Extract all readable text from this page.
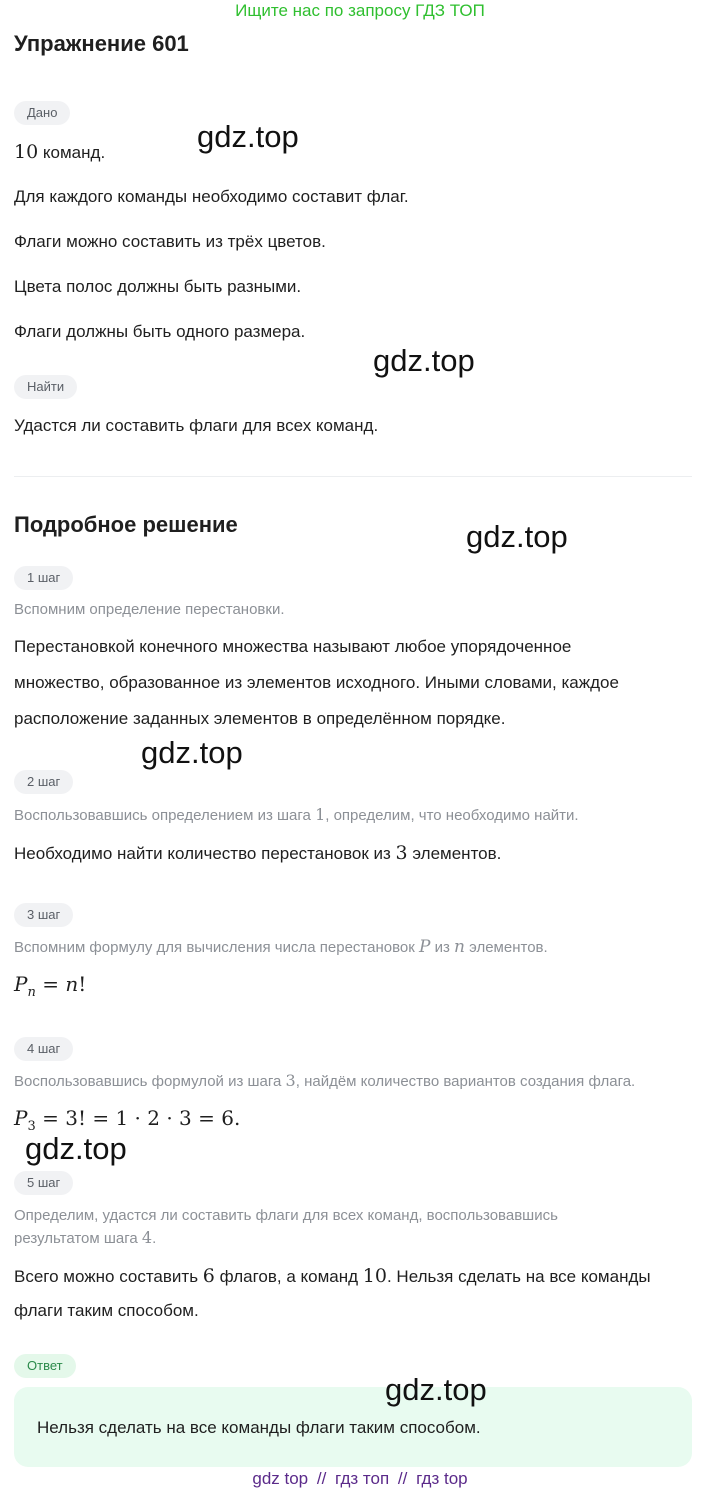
Ищите нас по запросу ГДЗ ТОП
Упражнение 601
Дано
10 команд.
Для каждого команды необходимо составит флаг.
Флаги можно составить из трёх цветов.
Цвета полос должны быть разными.
Флаги должны быть одного размера.
Найти
Удастся ли составить флаги для всех команд.
Подробное решение
1 шаг
Вспомним определение перестановки.
Перестановкой конечного множества называют любое упорядоченное
множество, образованное из элементов исходного. Иными словами, каждое
расположение заданных элементов в определённом порядке.
2 шаг
Воспользовавшись определением из шага 1, определим, что необходимо найти.
Необходимо найти количество перестановок из 3 элементов.
3 шаг
Вспомним формулу для вычисления числа перестановок P из n элементов.
$P_n = n$!
4 шаг
Воспользовавшись формулой из шага 3, найдём количество вариантов создания флага.
$P_3 = 3$! = 1 · 2 · 3 = 6.
5 шаг
Определим, удастся ли составить флаги для всех команд, воспользовавшись
результатом шага 4.
Всего можно составить 6 флагов, а команд 10. Нельзя сделать на все команды
флаги таким способом.
Ответ
Нельзя сделать на все команды флаги таким способом.
gdz.top
gdz.top
gdz.top
gdz.top
gdz.top
gdz.top
gdz top // гдз топ // гдз top
